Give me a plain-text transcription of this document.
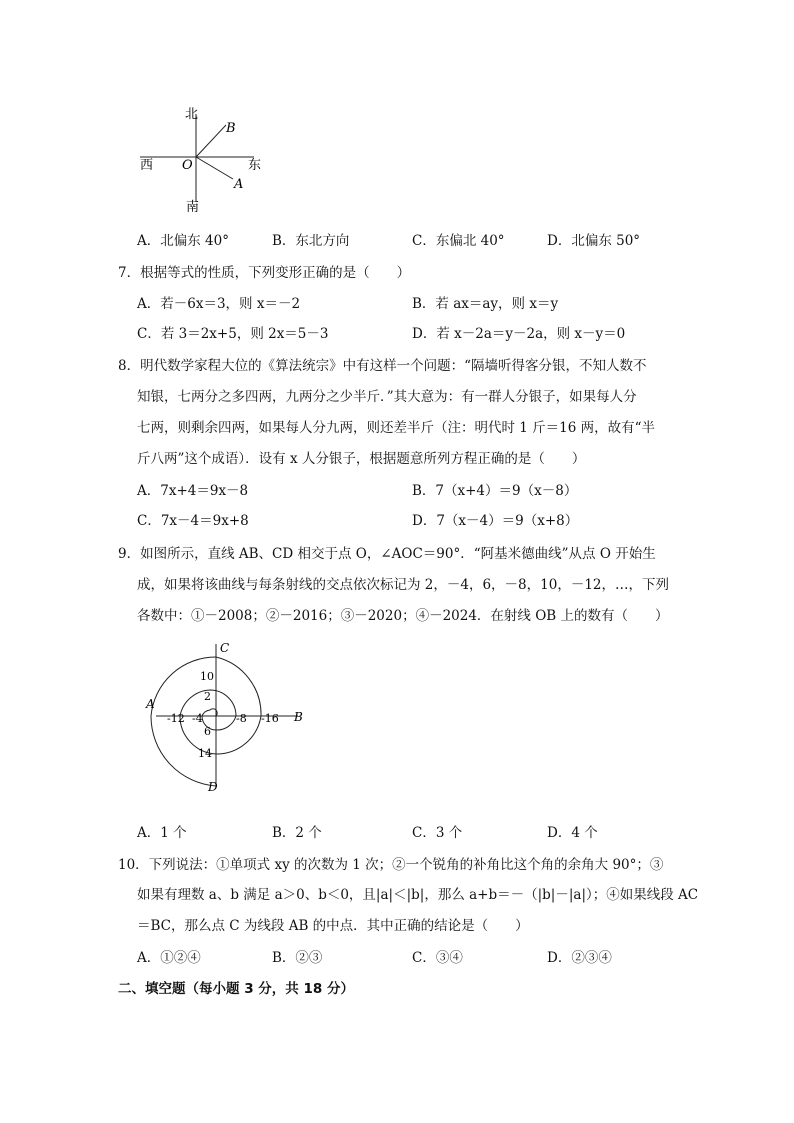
北
南
西	东
O
B
A
A．北偏东 40°	B．东北方向	C．东偏北 40°	D．北偏东 50°
7．根据等式的性质，下列变形正确的是（　　）
A．若－6x＝3，则 x＝－2	B．若 ax＝ay，则 x＝y
C．若 3＝2x+5，则 2x＝5－3	D．若 x－2a＝y－2a，则 x－y＝0
8．明代数学家程大位的《算法统宗》中有这样一个问题：“隔墙听得客分银，不知人数不
知银，七两分之多四两，九两分之少半斤．”其大意为：有一群人分银子，如果每人分
七两，则剩余四两，如果每人分九两，则还差半斤（注：明代时 1 斤＝16 两，故有“半
斤八两”这个成语）．设有 x 人分银子，根据题意所列方程正确的是（　　）
A．7x+4＝9x－8	B．7（x+4）＝9（x－8）
C．7x－4＝9x+8	D．7（x－4）＝9（x+8）
9．如图所示，直线 AB、CD 相交于点 O，∠AOC＝90°．“阿基米德曲线”从点 O 开始生
成，如果将该曲线与每条射线的交点依次标记为 2，－4，6，－8，10，－12，…，下列
各数中：①－2008；②－2016；③－2020；④－2024．在射线 OB 上的数有（　　）
C
A
B
D
10
2
-12 -4	-8 -16
6
14
A．1 个	B．2 个	C．3 个	D．4 个
10．下列说法：①单项式 xy 的次数为 1 次；②一个锐角的补角比这个角的余角大 90°；③
如果有理数 a、b 满足 a＞0、b＜0，且|a|＜|b|，那么 a+b＝－（|b|－|a|）；④如果线段 AC
＝BC，那么点 C 为线段 AB 的中点．其中正确的结论是（　　）
A．①②④	B．②③	C．③④	D．②③④
二、填空题（每小题 3 分，共 18 分）
